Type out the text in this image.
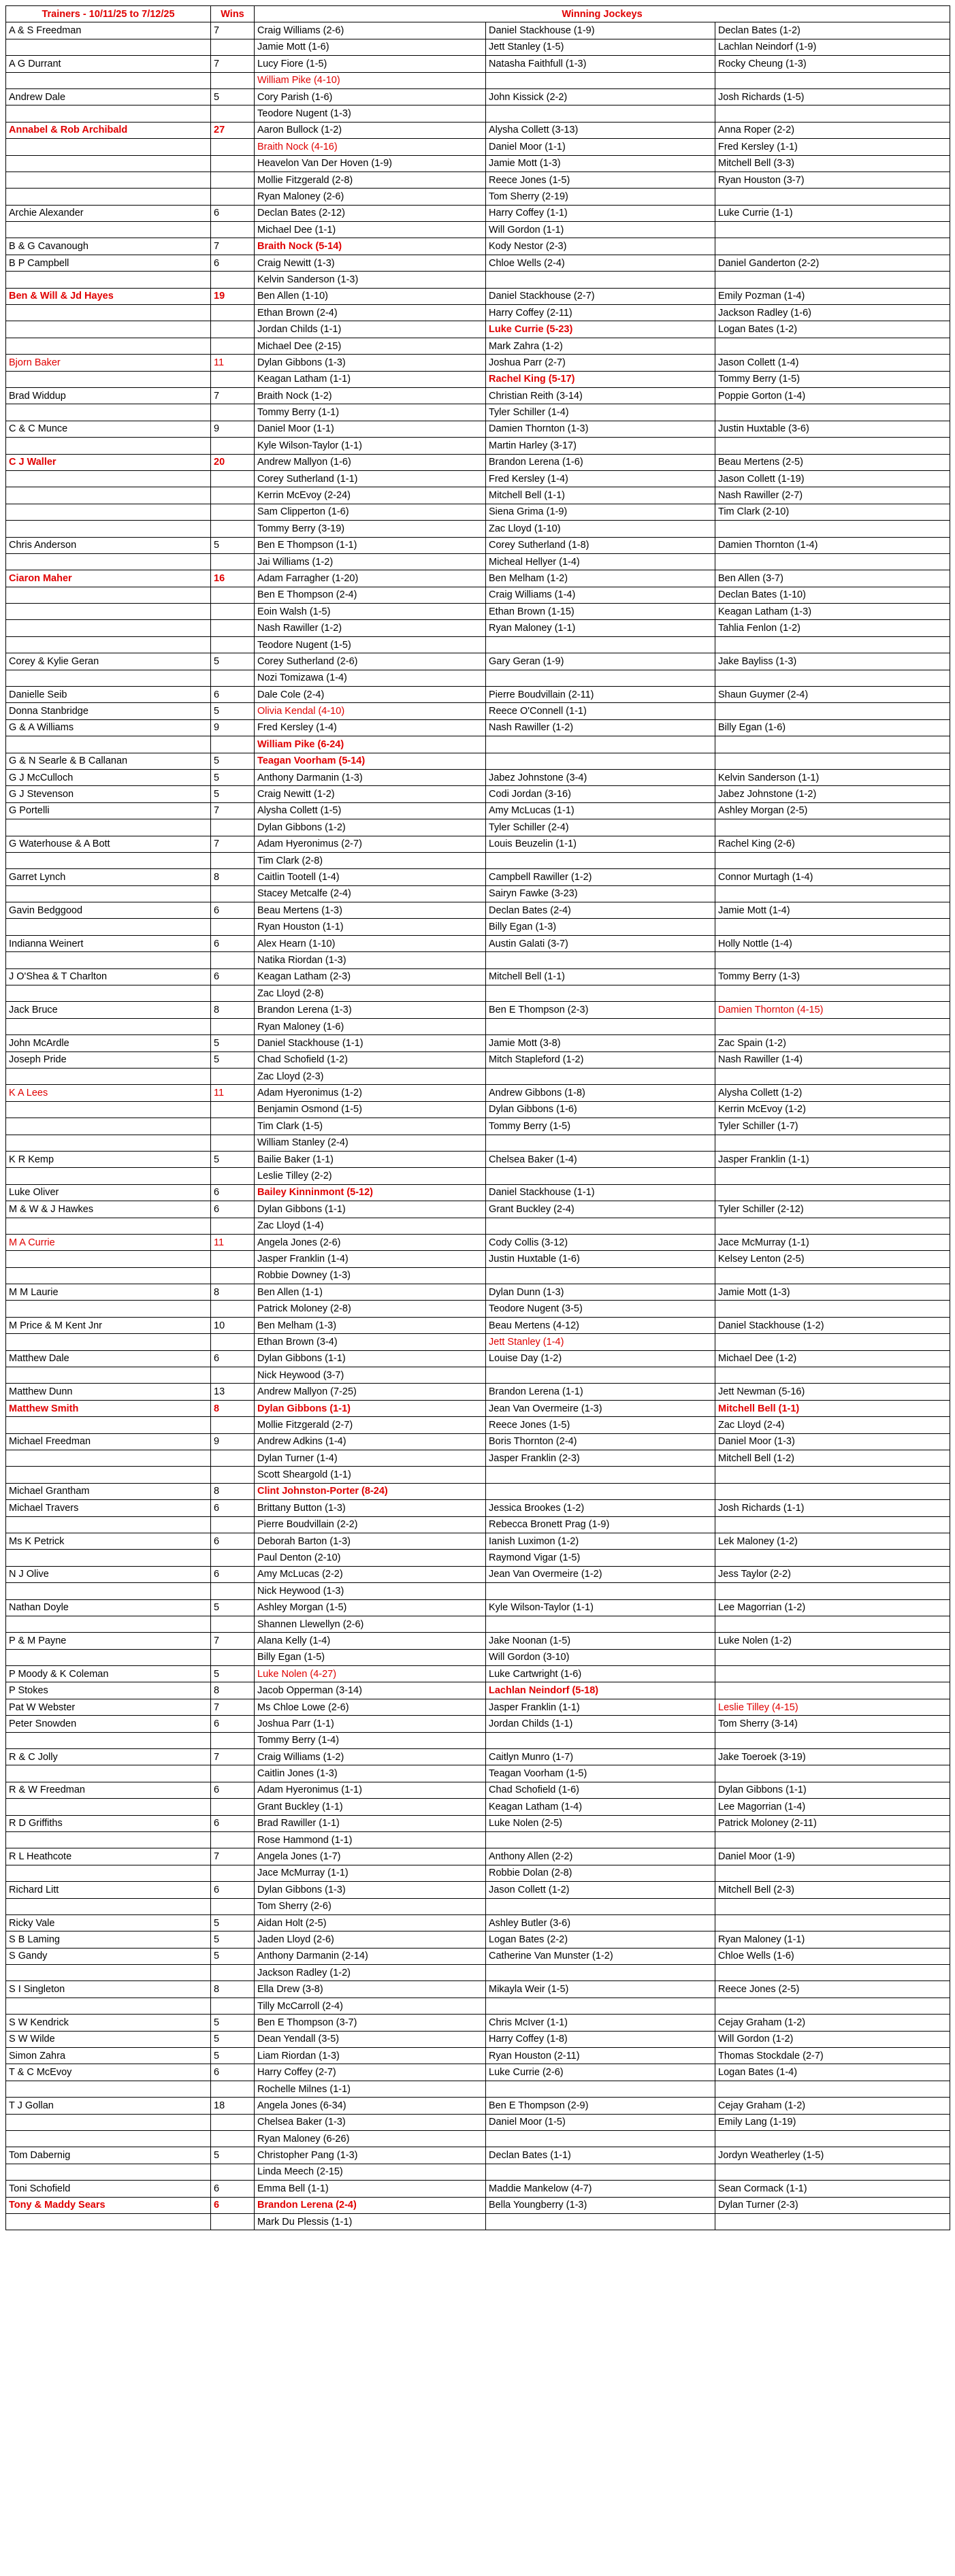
Trainers - 10/11/25 to 7/12/25	Wins	Winning Jockeys		
A & S Freedman	7	Craig Williams (2-6)	Daniel Stackhouse (1-9)	Declan Bates (1-2)
		Jamie Mott (1-6)	Jett Stanley (1-5)	Lachlan Neindorf (1-9)
A G Durrant	7	Lucy Fiore (1-5)	Natasha Faithfull (1-3)	Rocky Cheung (1-3)
		William Pike (4-10)		
Andrew Dale	5	Cory Parish (1-6)	John Kissick (2-2)	Josh Richards (1-5)
		Teodore Nugent (1-3)		
Annabel & Rob Archibald	27	Aaron Bullock (1-2)	Alysha Collett (3-13)	Anna Roper (2-2)
		Braith Nock (4-16)	Daniel Moor (1-1)	Fred Kersley (1-1)
		Heavelon Van Der Hoven (1-9)	Jamie Mott (1-3)	Mitchell Bell (3-3)
		Mollie Fitzgerald (2-8)	Reece Jones (1-5)	Ryan Houston (3-7)
		Ryan Maloney (2-6)	Tom Sherry (2-19)	
Archie Alexander	6	Declan Bates (2-12)	Harry Coffey (1-1)	Luke Currie (1-1)
		Michael Dee (1-1)	Will Gordon (1-1)	
B & G Cavanough	7	Braith Nock (5-14)	Kody Nestor (2-3)	
B P Campbell	6	Craig Newitt (1-3)	Chloe Wells (2-4)	Daniel Ganderton (2-2)
		Kelvin Sanderson (1-3)		
Ben & Will & Jd Hayes	19	Ben Allen (1-10)	Daniel Stackhouse (2-7)	Emily Pozman (1-4)
		Ethan Brown (2-4)	Harry Coffey (2-11)	Jackson Radley (1-6)
		Jordan Childs (1-1)	Luke Currie (5-23)	Logan Bates (1-2)
		Michael Dee (2-15)	Mark Zahra (1-2)	
Bjorn Baker	11	Dylan Gibbons (1-3)	Joshua Parr (2-7)	Jason Collett (1-4)
		Keagan Latham (1-1)	Rachel King (5-17)	Tommy Berry (1-5)
Brad Widdup	7	Braith Nock (1-2)	Christian Reith (3-14)	Poppie Gorton (1-4)
		Tommy Berry (1-1)	Tyler Schiller (1-4)	
C & C Munce	9	Daniel Moor (1-1)	Damien Thornton (1-3)	Justin Huxtable (3-6)
		Kyle Wilson-Taylor (1-1)	Martin Harley (3-17)	
C J Waller	20	Andrew Mallyon (1-6)	Brandon Lerena (1-6)	Beau Mertens (2-5)
		Corey Sutherland (1-1)	Fred Kersley (1-4)	Jason Collett (1-19)
		Kerrin McEvoy (2-24)	Mitchell Bell (1-1)	Nash Rawiller (2-7)
		Sam Clipperton (1-6)	Siena Grima (1-9)	Tim Clark (2-10)
		Tommy Berry (3-19)	Zac Lloyd (1-10)	
Chris Anderson	5	Ben E Thompson (1-1)	Corey Sutherland (1-8)	Damien Thornton (1-4)
		Jai Williams (1-2)	Micheal Hellyer (1-4)	
Ciaron Maher	16	Adam Farragher (1-20)	Ben Melham (1-2)	Ben Allen (3-7)
		Ben E Thompson (2-4)	Craig Williams (1-4)	Declan Bates (1-10)
		Eoin Walsh (1-5)	Ethan Brown (1-15)	Keagan Latham (1-3)
		Nash Rawiller (1-2)	Ryan Maloney (1-1)	Tahlia Fenlon (1-2)
		Teodore Nugent (1-5)		
Corey & Kylie Geran	5	Corey Sutherland (2-6)	Gary Geran (1-9)	Jake Bayliss (1-3)
		Nozi Tomizawa (1-4)		
Danielle Seib	6	Dale Cole (2-4)	Pierre Boudvillain (2-11)	Shaun Guymer (2-4)
Donna Stanbridge	5	Olivia Kendal (4-10)	Reece O'Connell (1-1)	
G & A Williams	9	Fred Kersley (1-4)	Nash Rawiller (1-2)	Billy Egan (1-6)
		William Pike (6-24)		
G & N Searle & B Callanan	5	Teagan Voorham (5-14)		
G J McCulloch	5	Anthony Darmanin (1-3)	Jabez Johnstone (3-4)	Kelvin Sanderson (1-1)
G J Stevenson	5	Craig Newitt (1-2)	Codi Jordan (3-16)	Jabez Johnstone (1-2)
G Portelli	7	Alysha Collett (1-5)	Amy McLucas (1-1)	Ashley Morgan (2-5)
		Dylan Gibbons (1-2)	Tyler Schiller (2-4)	
G Waterhouse & A Bott	7	Adam Hyeronimus (2-7)	Louis Beuzelin (1-1)	Rachel King (2-6)
		Tim Clark (2-8)		
Garret Lynch	8	Caitlin Tootell (1-4)	Campbell Rawiller (1-2)	Connor Murtagh (1-4)
		Stacey Metcalfe (2-4)	Sairyn Fawke (3-23)	
Gavin Bedggood	6	Beau Mertens (1-3)	Declan Bates (2-4)	Jamie Mott (1-4)
		Ryan Houston (1-1)	Billy Egan (1-3)	
Indianna Weinert	6	Alex Hearn (1-10)	Austin Galati (3-7)	Holly Nottle (1-4)
		Natika Riordan (1-3)		
J O'Shea & T Charlton	6	Keagan Latham (2-3)	Mitchell Bell (1-1)	Tommy Berry (1-3)
		Zac Lloyd (2-8)		
Jack Bruce	8	Brandon Lerena (1-3)	Ben E Thompson (2-3)	Damien Thornton (4-15)
		Ryan Maloney (1-6)		
John McArdle	5	Daniel Stackhouse (1-1)	Jamie Mott (3-8)	Zac Spain (1-2)
Joseph Pride	5	Chad Schofield (1-2)	Mitch Stapleford (1-2)	Nash Rawiller (1-4)
		Zac Lloyd (2-3)		
K A Lees	11	Adam Hyeronimus (1-2)	Andrew Gibbons (1-8)	Alysha Collett (1-2)
		Benjamin Osmond (1-5)	Dylan Gibbons (1-6)	Kerrin McEvoy (1-2)
		Tim Clark (1-5)	Tommy Berry (1-5)	Tyler Schiller (1-7)
		William Stanley (2-4)		
K R Kemp	5	Bailie Baker (1-1)	Chelsea Baker (1-4)	Jasper Franklin (1-1)
		Leslie Tilley (2-2)		
Luke Oliver	6	Bailey Kinninmont (5-12)	Daniel Stackhouse (1-1)	
M & W & J Hawkes	6	Dylan Gibbons (1-1)	Grant Buckley (2-4)	Tyler Schiller (2-12)
		Zac Lloyd (1-4)		
M A Currie	11	Angela Jones (2-6)	Cody Collis (3-12)	Jace McMurray (1-1)
		Jasper Franklin (1-4)	Justin Huxtable (1-6)	Kelsey Lenton (2-5)
		Robbie Downey (1-3)		
M M Laurie	8	Ben Allen (1-1)	Dylan Dunn (1-3)	Jamie Mott (1-3)
		Patrick Moloney (2-8)	Teodore Nugent (3-5)	
M Price & M Kent Jnr	10	Ben Melham (1-3)	Beau Mertens (4-12)	Daniel Stackhouse (1-2)
		Ethan Brown (3-4)	Jett Stanley (1-4)	
Matthew Dale	6	Dylan Gibbons (1-1)	Louise Day (1-2)	Michael Dee (1-2)
		Nick Heywood (3-7)		
Matthew Dunn	13	Andrew Mallyon (7-25)	Brandon Lerena (1-1)	Jett Newman (5-16)
Matthew Smith	8	Dylan Gibbons (1-1)	Jean Van Overmeire (1-3)	Mitchell Bell (1-1)
		Mollie Fitzgerald (2-7)	Reece Jones (1-5)	Zac Lloyd (2-4)
Michael Freedman	9	Andrew Adkins (1-4)	Boris Thornton (2-4)	Daniel Moor (1-3)
		Dylan Turner (1-4)	Jasper Franklin (2-3)	Mitchell Bell (1-2)
		Scott Sheargold (1-1)		
Michael Grantham	8	Clint Johnston-Porter (8-24)		
Michael Travers	6	Brittany Button (1-3)	Jessica Brookes (1-2)	Josh Richards (1-1)
		Pierre Boudvillain (2-2)	Rebecca Bronett Prag (1-9)	
Ms K Petrick	6	Deborah Barton (1-3)	Ianish Luximon (1-2)	Lek Maloney (1-2)
		Paul Denton (2-10)	Raymond Vigar (1-5)	
N J Olive	6	Amy McLucas (2-2)	Jean Van Overmeire (1-2)	Jess Taylor (2-2)
		Nick Heywood (1-3)		
Nathan Doyle	5	Ashley Morgan (1-5)	Kyle Wilson-Taylor (1-1)	Lee Magorrian (1-2)
		Shannen Llewellyn (2-6)		
P & M Payne	7	Alana Kelly (1-4)	Jake Noonan (1-5)	Luke Nolen (1-2)
		Billy Egan (1-5)	Will Gordon (3-10)	
P Moody & K Coleman	5	Luke Nolen (4-27)	Luke Cartwright (1-6)	
P Stokes	8	Jacob Opperman (3-14)	Lachlan Neindorf (5-18)	
Pat W Webster	7	Ms Chloe Lowe (2-6)	Jasper Franklin (1-1)	Leslie Tilley (4-15)
Peter Snowden	6	Joshua Parr (1-1)	Jordan Childs (1-1)	Tom Sherry (3-14)
		Tommy Berry (1-4)		
R & C Jolly	7	Craig Williams (1-2)	Caitlyn Munro (1-7)	Jake Toeroek (3-19)
		Caitlin Jones (1-3)	Teagan Voorham (1-5)	
R & W Freedman	6	Adam Hyeronimus (1-1)	Chad Schofield (1-6)	Dylan Gibbons (1-1)
		Grant Buckley (1-1)	Keagan Latham (1-4)	Lee Magorrian (1-4)
R D Griffiths	6	Brad Rawiller (1-1)	Luke Nolen (2-5)	Patrick Moloney (2-11)
		Rose Hammond (1-1)		
R L Heathcote	7	Angela Jones (1-7)	Anthony Allen (2-2)	Daniel Moor (1-9)
		Jace McMurray (1-1)	Robbie Dolan (2-8)	
Richard Litt	6	Dylan Gibbons (1-3)	Jason Collett (1-2)	Mitchell Bell (2-3)
		Tom Sherry (2-6)		
Ricky Vale	5	Aidan Holt (2-5)	Ashley Butler (3-6)	
S B Laming	5	Jaden Lloyd (2-6)	Logan Bates (2-2)	Ryan Maloney (1-1)
S Gandy	5	Anthony Darmanin (2-14)	Catherine Van Munster (1-2)	Chloe Wells (1-6)
		Jackson Radley (1-2)		
S I Singleton	8	Ella Drew (3-8)	Mikayla Weir (1-5)	Reece Jones (2-5)
		Tilly McCarroll (2-4)		
S W Kendrick	5	Ben E Thompson (3-7)	Chris McIver (1-1)	Cejay Graham (1-2)
S W Wilde	5	Dean Yendall (3-5)	Harry Coffey (1-8)	Will Gordon (1-2)
Simon Zahra	5	Liam Riordan (1-3)	Ryan Houston (2-11)	Thomas Stockdale (2-7)
T & C McEvoy	6	Harry Coffey (2-7)	Luke Currie (2-6)	Logan Bates (1-4)
		Rochelle Milnes (1-1)		
T J Gollan	18	Angela Jones (6-34)	Ben E Thompson (2-9)	Cejay Graham (1-2)
		Chelsea Baker (1-3)	Daniel Moor (1-5)	Emily Lang (1-19)
		Ryan Maloney (6-26)		
Tom Dabernig	5	Christopher Pang (1-3)	Declan Bates (1-1)	Jordyn Weatherley (1-5)
		Linda Meech (2-15)		
Toni Schofield	6	Emma Bell (1-1)	Maddie Mankelow (4-7)	Sean Cormack (1-1)
Tony & Maddy Sears	6	Brandon Lerena (2-4)	Bella Youngberry (1-3)	Dylan Turner (2-3)
		Mark Du Plessis (1-1)		
